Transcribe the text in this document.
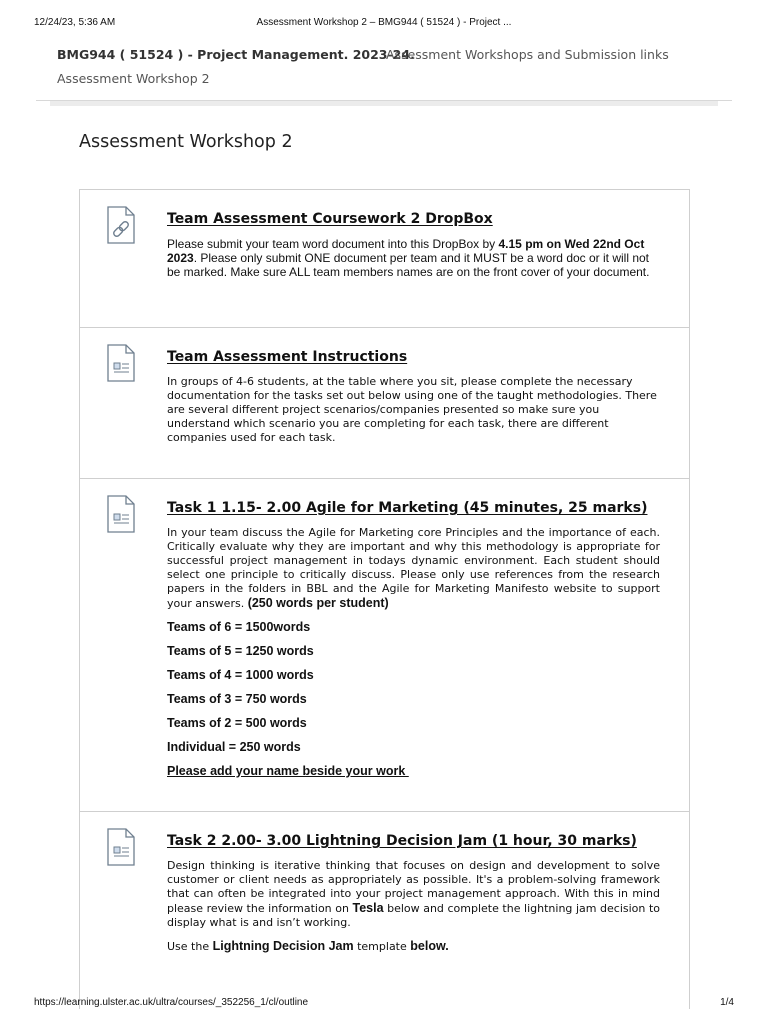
12/24/23, 5:36 AM	Assessment Workshop 2 – BMG944 ( 51524 ) - Project ...
BMG944 ( 51524 ) - Project Management. 2023-24.
Assessment Workshops and Submission links
Assessment Workshop 2
Assessment Workshop 2
Team Assessment Coursework 2 DropBox

Please submit your team word document into this DropBox by 4.15 pm on Wed 22nd Oct 2023. Please only submit ONE document per team and it MUST be a word doc or it will not be marked. Make sure ALL team members names are on the front cover of your document.

Team Assessment Instructions

In groups of 4-6 students, at the table where you sit, please complete the necessary documentation for the tasks set out below using one of the taught methodologies. There are several different project scenarios/companies presented so make sure you understand which scenario you are completing for each task, there are different companies used for each task.

Task 1 1.15- 2.00 Agile for Marketing (45 minutes, 25 marks)

In your team discuss the Agile for Marketing core Principles and the importance of each. Critically evaluate why they are important and why this methodology is appropriate for successful project management in todays dynamic environment. Each student should select one principle to critically discuss. Please only use references from the research papers in the folders in BBL and the Agile for Marketing Manifesto website to support your answers. (250 words per student)

Teams of 6 = 1500words

Teams of 5 = 1250 words

Teams of 4 = 1000 words

Teams of 3 = 750 words

Teams of 2 = 500 words

Individual = 250 words

Please add your name beside your work

Task 2 2.00- 3.00 Lightning Decision Jam (1 hour, 30 marks)

Design thinking is iterative thinking that focuses on design and development to solve customer or client needs as appropriately as possible. It's a problem-solving framework that can often be integrated into your project management approach. With this in mind please review the information on Tesla below and complete the lightning jam decision to display what is and isn’t working.

Use the Lightning Decision Jam template below.

https://learning.ulster.ac.uk/ultra/courses/_352256_1/cl/outline	1/4
